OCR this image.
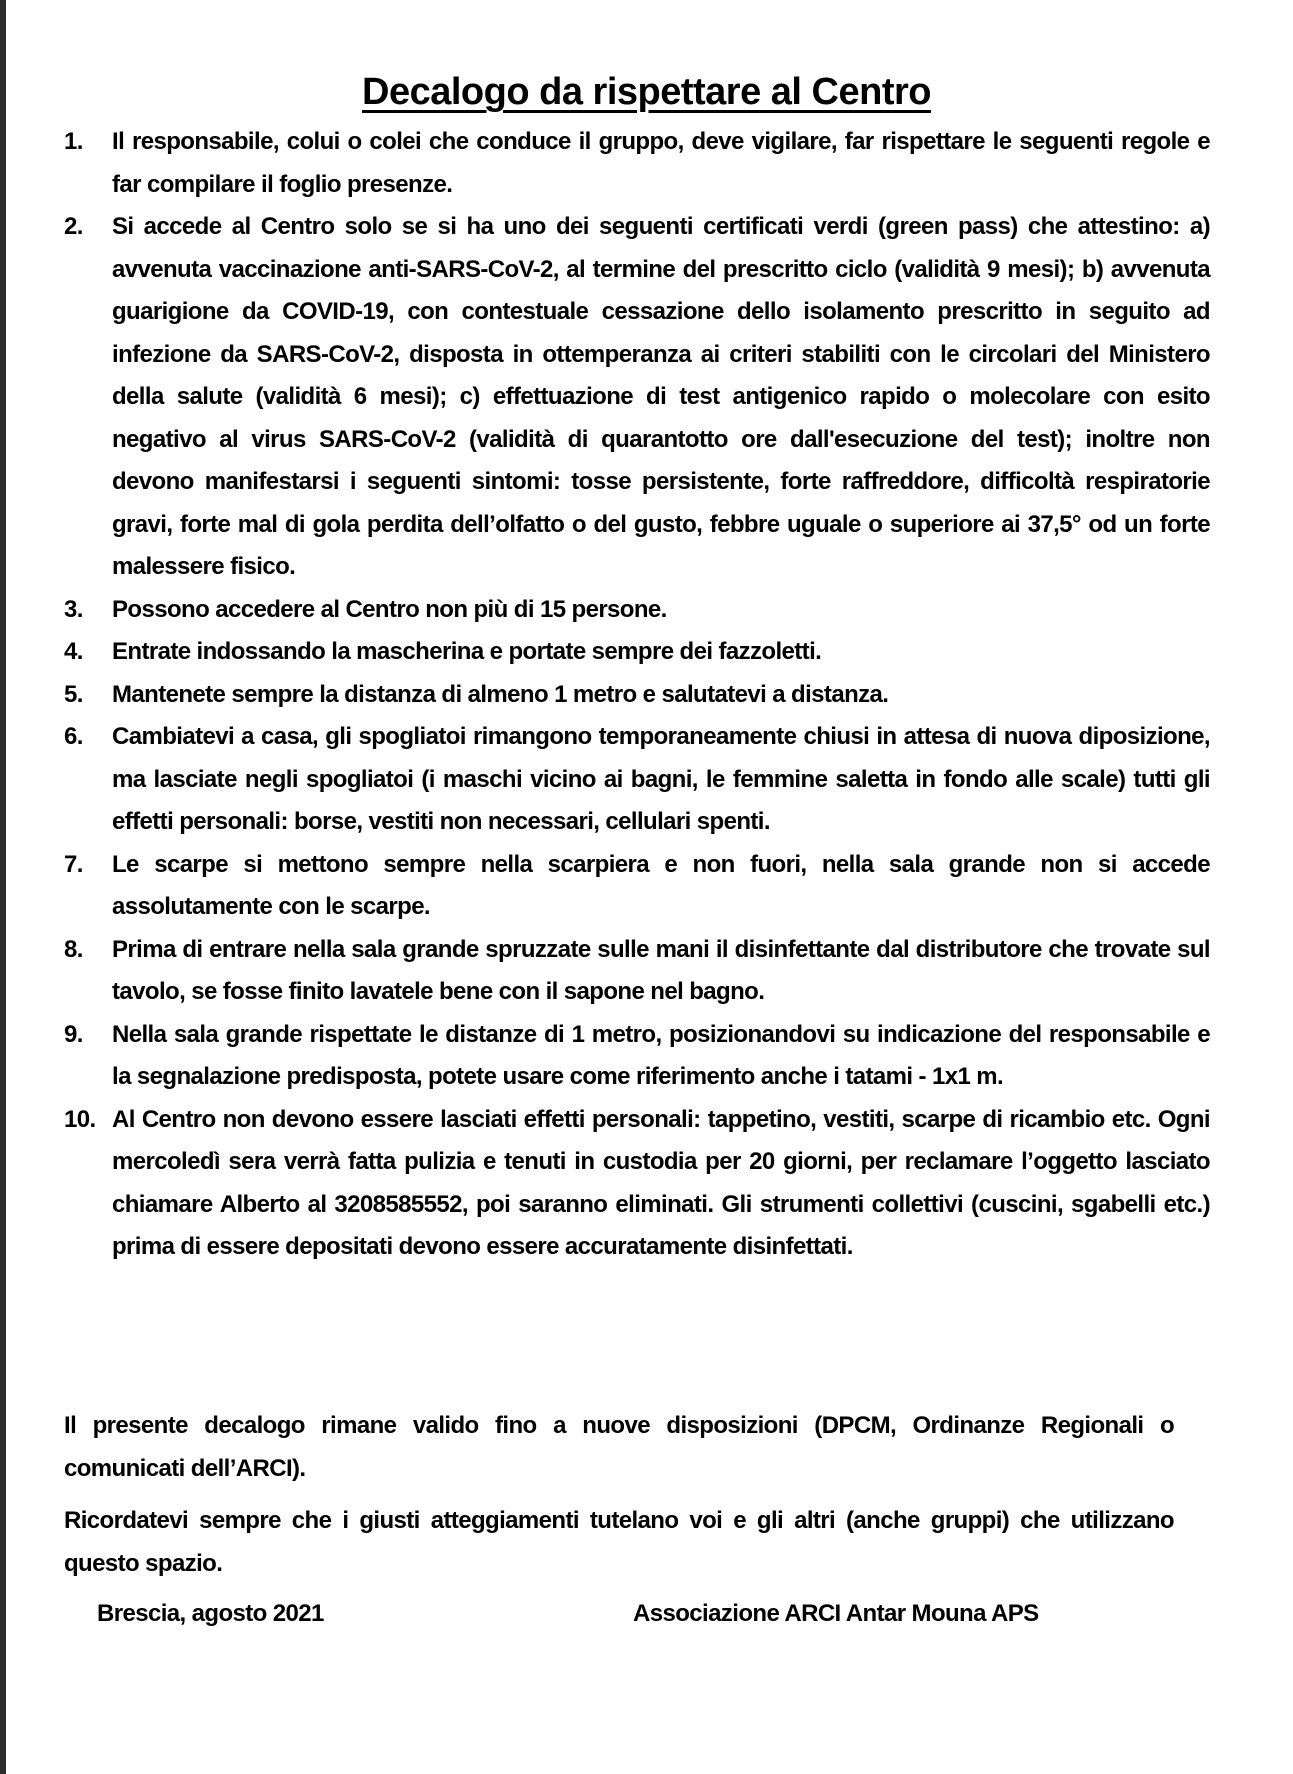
Decalogo da rispettare al Centro
1.	Il responsabile, colui o colei che conduce il gruppo, deve vigilare, far rispettare le seguenti regole e far compilare il foglio presenze.
2.	Si accede al Centro solo se si ha uno dei seguenti certificati verdi (green pass) che attestino: a) avvenuta vaccinazione anti-SARS-CoV-2, al termine del prescritto ciclo (validità 9 mesi); b) avvenuta guarigione da COVID-19, con contestuale cessazione dello isolamento prescritto in seguito ad infezione da SARS-CoV-2, disposta in ottemperanza ai criteri stabiliti con le circolari del Ministero della salute (validità 6 mesi); c) effettuazione di test antigenico rapido o molecolare con esito negativo al virus SARS-CoV-2 (validità di quarantotto ore dall'esecuzione del test); inoltre non devono manifestarsi i seguenti sintomi: tosse persistente, forte raffreddore, difficoltà respiratorie gravi, forte mal di gola perdita dell’olfatto o del gusto, febbre uguale o superiore ai 37,5° od un forte malessere fisico.
3.	Possono accedere al Centro non più di 15 persone.
4.	Entrate indossando la mascherina e portate sempre dei fazzoletti.
5.	Mantenete sempre la distanza di almeno 1 metro e salutatevi a distanza.
6.	Cambiatevi a casa, gli spogliatoi rimangono temporaneamente chiusi in attesa di nuova diposizione, ma lasciate negli spogliatoi (i maschi vicino ai bagni, le femmine saletta in fondo alle scale) tutti gli effetti personali: borse, vestiti non necessari, cellulari spenti.
7.	Le scarpe si mettono sempre nella scarpiera e non fuori, nella sala grande non si accede assolutamente con le scarpe.
8.	Prima di entrare nella sala grande spruzzate sulle mani il disinfettante dal distributore che trovate sul tavolo, se fosse finito lavatele bene con il sapone nel bagno.
9.	Nella sala grande rispettate le distanze di 1 metro, posizionandovi su indicazione del responsabile e la segnalazione predisposta, potete usare come riferimento anche i tatami - 1x1 m.
10. Al Centro non devono essere lasciati effetti personali: tappetino, vestiti, scarpe di ricambio etc. Ogni mercoledì sera verrà fatta pulizia e tenuti in custodia per 20 giorni, per reclamare l’oggetto lasciato chiamare Alberto al 3208585552, poi saranno eliminati. Gli strumenti collettivi (cuscini, sgabelli etc.) prima di essere depositati devono essere accuratamente disinfettati.

Il presente decalogo rimane valido fino a nuove disposizioni (DPCM, Ordinanze Regionali o comunicati dell’ARCI).

Ricordatevi sempre che i giusti atteggiamenti tutelano voi e gli altri (anche gruppi) che utilizzano questo spazio.

Brescia, agosto 2021	Associazione ARCI Antar Mouna APS
